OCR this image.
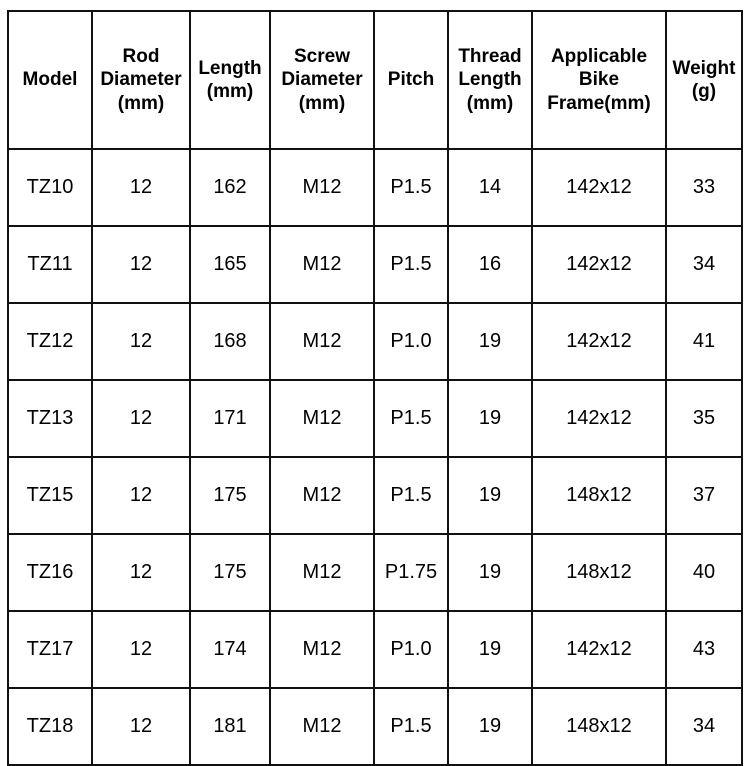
Model	Rod
Diameter
(mm)	Length
(mm)	Screw
Diameter
(mm)	Pitch	Thread
Length
(mm)	Applicable
Bike
Frame(mm)	Weight
(g)

TZ10	12	162	M12	P1.5	14	142x12	33
TZ11	12	165	M12	P1.5	16	142x12	34
TZ12	12	168	M12	P1.0	19	142x12	41
TZ13	12	171	M12	P1.5	19	142x12	35
TZ15	12	175	M12	P1.5	19	148x12	37
TZ16	12	175	M12	P1.75	19	148x12	40
TZ17	12	174	M12	P1.0	19	142x12	43
TZ18	12	181	M12	P1.5	19	148x12	34
